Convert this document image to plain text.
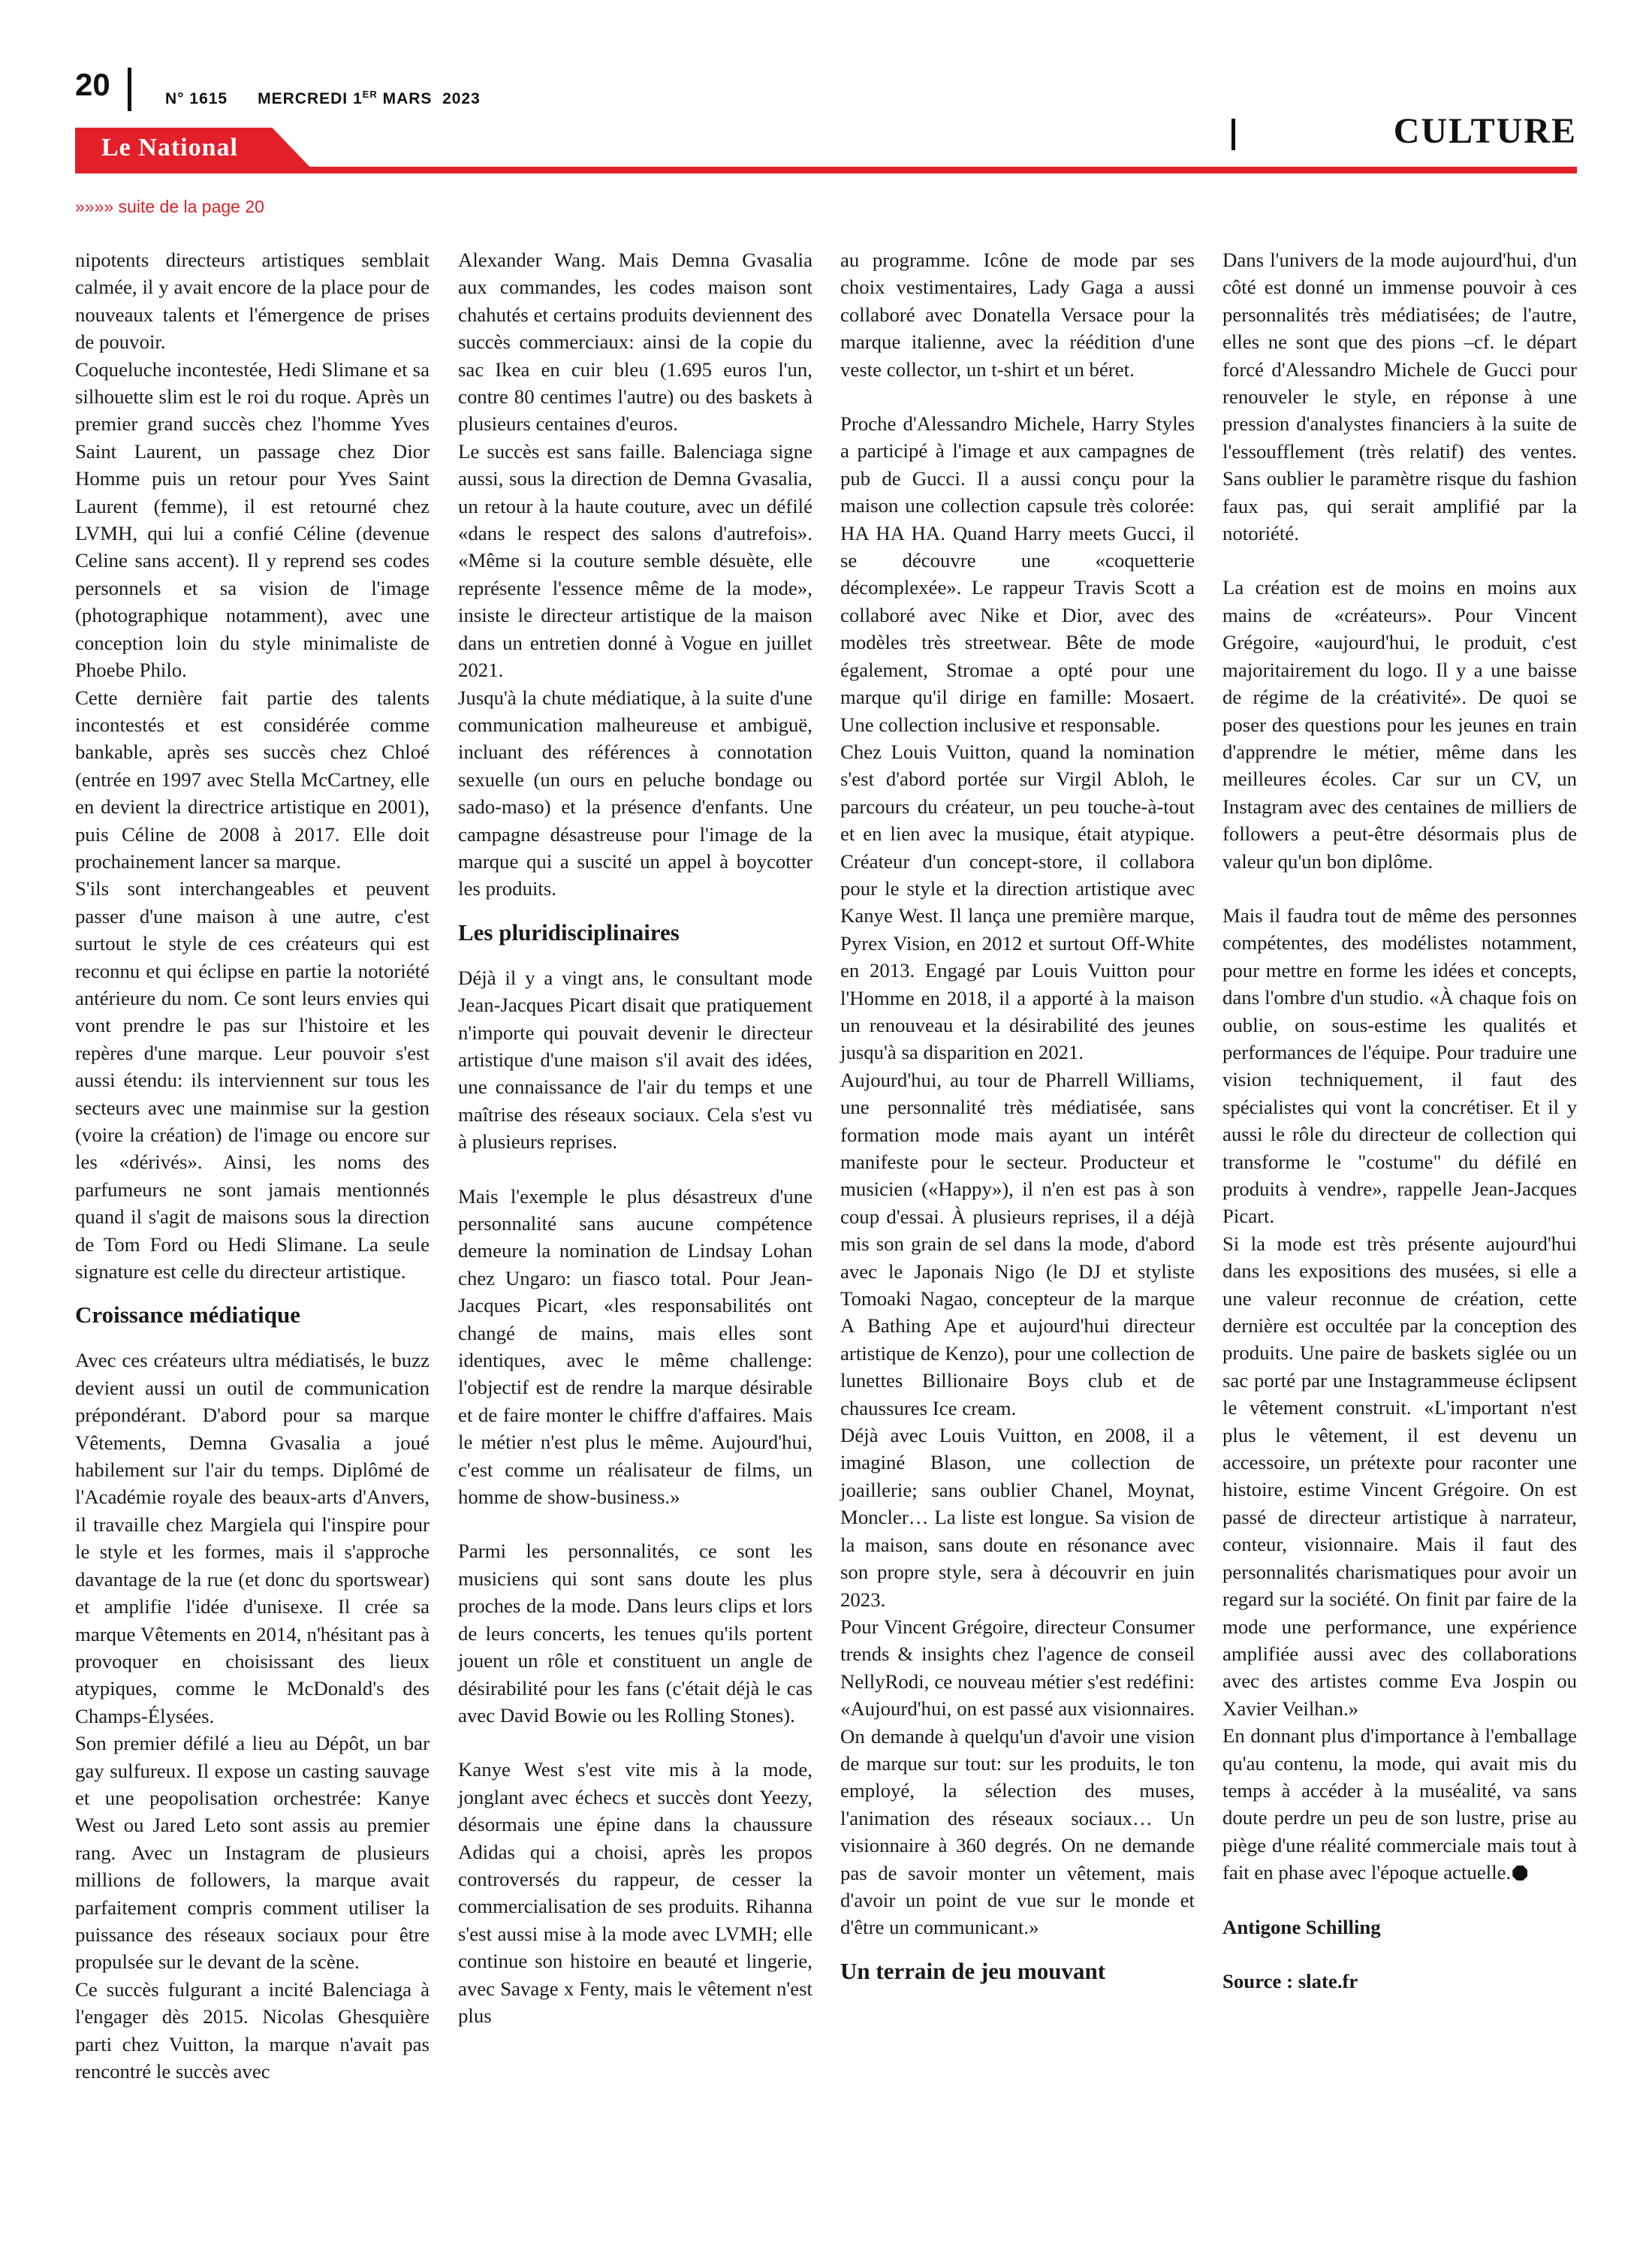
20	N° 1615 MERCREDI 1ER MARS  2023
Le National	CULTURE
»»»» suite de la page 20

nipotents directeurs artistiques semblait calmée, il y avait encore de la place pour de nouveaux talents et l'émergence de prises de pouvoir.

Coqueluche incontestée, Hedi Slimane et sa silhouette slim est le roi du roque. Après un premier grand succès chez l'homme Yves Saint Laurent, un passage chez Dior Homme puis un retour pour Yves Saint Laurent (femme), il est retourné chez LVMH, qui lui a confié Céline (devenue Celine sans accent). Il y reprend ses codes personnels et sa vision de l'image (photographique notamment), avec une conception loin du style minimaliste de Phoebe Philo.

Cette dernière fait partie des talents incontestés et est considérée comme bankable, après ses succès chez Chloé (entrée en 1997 avec Stella McCartney, elle en devient la directrice artistique en 2001), puis Céline de 2008 à 2017. Elle doit prochainement lancer sa marque.

S'ils sont interchangeables et peuvent passer d'une maison à une autre, c'est surtout le style de ces créateurs qui est reconnu et qui éclipse en partie la notoriété antérieure du nom. Ce sont leurs envies qui vont prendre le pas sur l'histoire et les repères d'une marque. Leur pouvoir s'est aussi étendu: ils interviennent sur tous les secteurs avec une mainmise sur la gestion (voire la création) de l'image ou encore sur les «dérivés». Ainsi, les noms des parfumeurs ne sont jamais mentionnés quand il s'agit de maisons sous la direction de Tom Ford ou Hedi Slimane. La seule signature est celle du directeur artistique.

Croissance médiatique

Avec ces créateurs ultra médiatisés, le buzz devient aussi un outil de communication prépondérant. D'abord pour sa marque Vêtements, Demna Gvasalia a joué habilement sur l'air du temps. Diplômé de l'Académie royale des beaux-arts d'Anvers, il travaille chez Margiela qui l'inspire pour le style et les formes, mais il s'approche davantage de la rue (et donc du sportswear) et amplifie l'idée d'unisexe. Il crée sa marque Vêtements en 2014, n'hésitant pas à provoquer en choisissant des lieux atypiques, comme le McDonald's des Champs-Élysées.

Son premier défilé a lieu au Dépôt, un bar gay sulfureux. Il expose un casting sauvage et une peopolisation orchestrée: Kanye West ou Jared Leto sont assis au premier rang. Avec un Instagram de plusieurs millions de followers, la marque avait parfaitement compris comment utiliser la puissance des réseaux sociaux pour être propulsée sur le devant de la scène.

Ce succès fulgurant a incité Balenciaga à l'engager dès 2015. Nicolas Ghesquière parti chez Vuitton, la marque n'avait pas rencontré le succès avec

Alexander Wang. Mais Demna Gvasalia aux commandes, les codes maison sont chahutés et certains produits deviennent des succès commerciaux: ainsi de la copie du sac Ikea en cuir bleu (1.695 euros l'un, contre 80 centimes l'autre) ou des baskets à plusieurs centaines d'euros.

Le succès est sans faille. Balenciaga signe aussi, sous la direction de Demna Gvasalia, un retour à la haute couture, avec un défilé «dans le respect des salons d'autrefois». «Même si la couture semble désuète, elle représente l'essence même de la mode», insiste le directeur artistique de la maison dans un entretien donné à Vogue en juillet 2021.

Jusqu'à la chute médiatique, à la suite d'une communication malheureuse et ambiguë, incluant des références à connotation sexuelle (un ours en peluche bondage ou sado-maso) et la présence d'enfants. Une campagne désastreuse pour l'image de la marque qui a suscité un appel à boycotter les produits.

Les pluridisciplinaires

Déjà il y a vingt ans, le consultant mode Jean-Jacques Picart disait que pratiquement n'importe qui pouvait devenir le directeur artistique d'une maison s'il avait des idées, une connaissance de l'air du temps et une maîtrise des réseaux sociaux. Cela s'est vu à plusieurs reprises.

Mais l'exemple le plus désastreux d'une personnalité sans aucune compétence demeure la nomination de Lindsay Lohan chez Ungaro: un fiasco total. Pour Jean-Jacques Picart, «les responsabilités ont changé de mains, mais elles sont identiques, avec le même challenge: l'objectif est de rendre la marque désirable et de faire monter le chiffre d'affaires. Mais le métier n'est plus le même. Aujourd'hui, c'est comme un réalisateur de films, un homme de show-business.»

Parmi les personnalités, ce sont les musiciens qui sont sans doute les plus proches de la mode. Dans leurs clips et lors de leurs concerts, les tenues qu'ils portent jouent un rôle et constituent un angle de désirabilité pour les fans (c'était déjà le cas avec David Bowie ou les Rolling Stones).

Kanye West s'est vite mis à la mode, jonglant avec échecs et succès dont Yeezy, désormais une épine dans la chaussure Adidas qui a choisi, après les propos controversés du rappeur, de cesser la commercialisation de ses produits. Rihanna s'est aussi mise à la mode avec LVMH; elle continue son histoire en beauté et lingerie, avec Savage x Fenty, mais le vêtement n'est plus

au programme. Icône de mode par ses choix vestimentaires, Lady Gaga a aussi collaboré avec Donatella Versace pour la marque italienne, avec la réédition d'une veste collector, un t-shirt et un béret.

Proche d'Alessandro Michele, Harry Styles a participé à l'image et aux campagnes de pub de Gucci. Il a aussi conçu pour la maison une collection capsule très colorée: HA HA HA. Quand Harry meets Gucci, il se découvre une «coquetterie décomplexée». Le rappeur Travis Scott a collaboré avec Nike et Dior, avec des modèles très streetwear. Bête de mode également, Stromae a opté pour une marque qu'il dirige en famille: Mosaert. Une collection inclusive et responsable.

Chez Louis Vuitton, quand la nomination s'est d'abord portée sur Virgil Abloh, le parcours du créateur, un peu touche-à-tout et en lien avec la musique, était atypique. Créateur d'un concept-store, il collabora pour le style et la direction artistique avec Kanye West. Il lança une première marque, Pyrex Vision, en 2012 et surtout Off-White en 2013. Engagé par Louis Vuitton pour l'Homme en 2018, il a apporté à la maison un renouveau et la désirabilité des jeunes jusqu'à sa disparition en 2021.

Aujourd'hui, au tour de Pharrell Williams, une personnalité très médiatisée, sans formation mode mais ayant un intérêt manifeste pour le secteur. Producteur et musicien («Happy»), il n'en est pas à son coup d'essai. À plusieurs reprises, il a déjà mis son grain de sel dans la mode, d'abord avec le Japonais Nigo (le DJ et styliste Tomoaki Nagao, concepteur de la marque A Bathing Ape et aujourd'hui directeur artistique de Kenzo), pour une collection de lunettes Billionaire Boys club et de chaussures Ice cream.

Déjà avec Louis Vuitton, en 2008, il a imaginé Blason, une collection de joaillerie; sans oublier Chanel, Moynat, Moncler… La liste est longue. Sa vision de la maison, sans doute en résonance avec son propre style, sera à découvrir en juin 2023.

Pour Vincent Grégoire, directeur Consumer trends & insights chez l'agence de conseil NellyRodi, ce nouveau métier s'est redéfini: «Aujourd'hui, on est passé aux visionnaires. On demande à quelqu'un d'avoir une vision de marque sur tout: sur les produits, le ton employé, la sélection des muses, l'animation des réseaux sociaux… Un visionnaire à 360 degrés. On ne demande pas de savoir monter un vêtement, mais d'avoir un point de vue sur le monde et d'être un communicant.»

Un terrain de jeu mouvant

Dans l'univers de la mode aujourd'hui, d'un côté est donné un immense pouvoir à ces personnalités très médiatisées; de l'autre, elles ne sont que des pions –cf. le départ forcé d'Alessandro Michele de Gucci pour renouveler le style, en réponse à une pression d'analystes financiers à la suite de l'essoufflement (très relatif) des ventes. Sans oublier le paramètre risque du fashion faux pas, qui serait amplifié par la notoriété.

La création est de moins en moins aux mains de «créateurs». Pour Vincent Grégoire, «aujourd'hui, le produit, c'est majoritairement du logo. Il y a une baisse de régime de la créativité». De quoi se poser des questions pour les jeunes en train d'apprendre le métier, même dans les meilleures écoles. Car sur un CV, un Instagram avec des centaines de milliers de followers a peut-être désormais plus de valeur qu'un bon diplôme.

Mais il faudra tout de même des personnes compétentes, des modélistes notamment, pour mettre en forme les idées et concepts, dans l'ombre d'un studio. «À chaque fois on oublie, on sous-estime les qualités et performances de l'équipe. Pour traduire une vision techniquement, il faut des spécialistes qui vont la concrétiser. Et il y aussi le rôle du directeur de collection qui transforme le "costume" du défilé en produits à vendre», rappelle Jean-Jacques Picart.

Si la mode est très présente aujourd'hui dans les expositions des musées, si elle a une valeur reconnue de création, cette dernière est occultée par la conception des produits. Une paire de baskets siglée ou un sac porté par une Instagrammeuse éclipsent le vêtement construit. «L'important n'est plus le vêtement, il est devenu un accessoire, un prétexte pour raconter une histoire, estime Vincent Grégoire. On est passé de directeur artistique à narrateur, conteur, visionnaire. Mais il faut des personnalités charismatiques pour avoir un regard sur la société. On finit par faire de la mode une performance, une expérience amplifiée aussi avec des collaborations avec des artistes comme Eva Jospin ou Xavier Veilhan.»

En donnant plus d'importance à l'emballage qu'au contenu, la mode, qui avait mis du temps à accéder à la muséalité, va sans doute perdre un peu de son lustre, prise au piège d'une réalité commerciale mais tout à fait en phase avec l'époque actuelle.

Antigone Schilling

Source : slate.fr
